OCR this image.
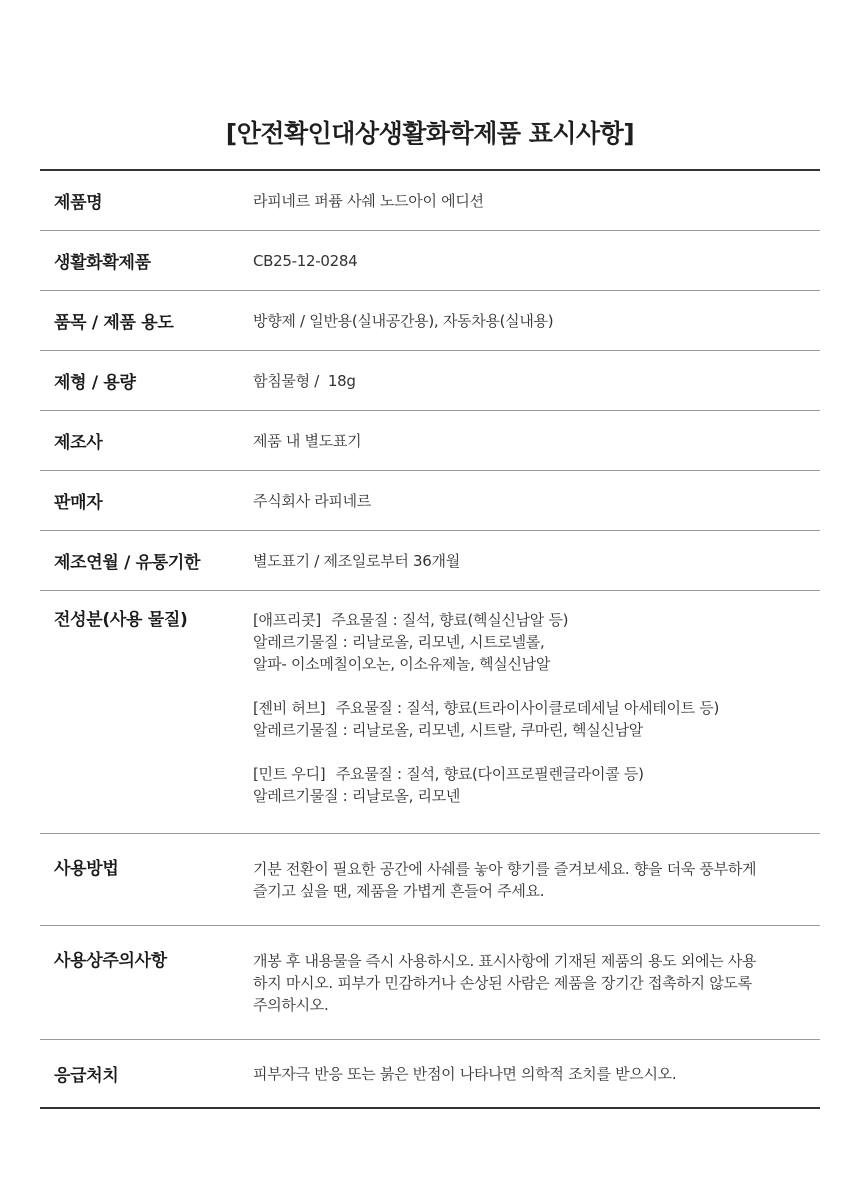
[안전확인대상생활화학제품 표시사항]
제품명	라피네르 퍼퓸 사쉐 노드아이 에디션
생활화확제품	CB25-12-0284
품목 / 제품 용도	방향제 / 일반용(실내공간용), 자동차용(실내용)
제형 / 용량	함침물형 /  18g
제조사	제품 내 별도표기
판매자	주식회사 라피네르
제조연월 / 유통기한	별도표기 / 제조일로부터 36개월
전성분(사용 물질)	[애프리콧] 주요물질 : 질석, 향료(헥실신남알 등)
알레르기물질 : 리날로올, 리모넨, 시트로넬롤,
알파- 이소메칠이오논, 이소유제놀, 헥실신남알
[젠비 허브] 주요물질 : 질석, 향료(트라이사이클로데세닐 아세테이트 등)
알레르기물질 : 리날로올, 리모넨, 시트랄, 쿠마린, 헥실신남알
[민트 우디] 주요물질 : 질석, 향료(다이프로필렌글라이콜 등)
알레르기물질 : 리날로올, 리모넨
사용방법	기분 전환이 필요한 공간에 사쉐를 놓아 향기를 즐겨보세요. 향을 더욱 풍부하게
즐기고 싶을 땐, 제품을 가볍게 흔들어 주세요.
사용상주의사항	개봉 후 내용물을 즉시 사용하시오. 표시사항에 기재된 제품의 용도 외에는 사용
하지 마시오. 피부가 민감하거나 손상된 사람은 제품을 장기간 접촉하지 않도록
주의하시오.
응급처치	피부자극 반응 또는 붉은 반점이 나타나면 의학적 조치를 받으시오.
